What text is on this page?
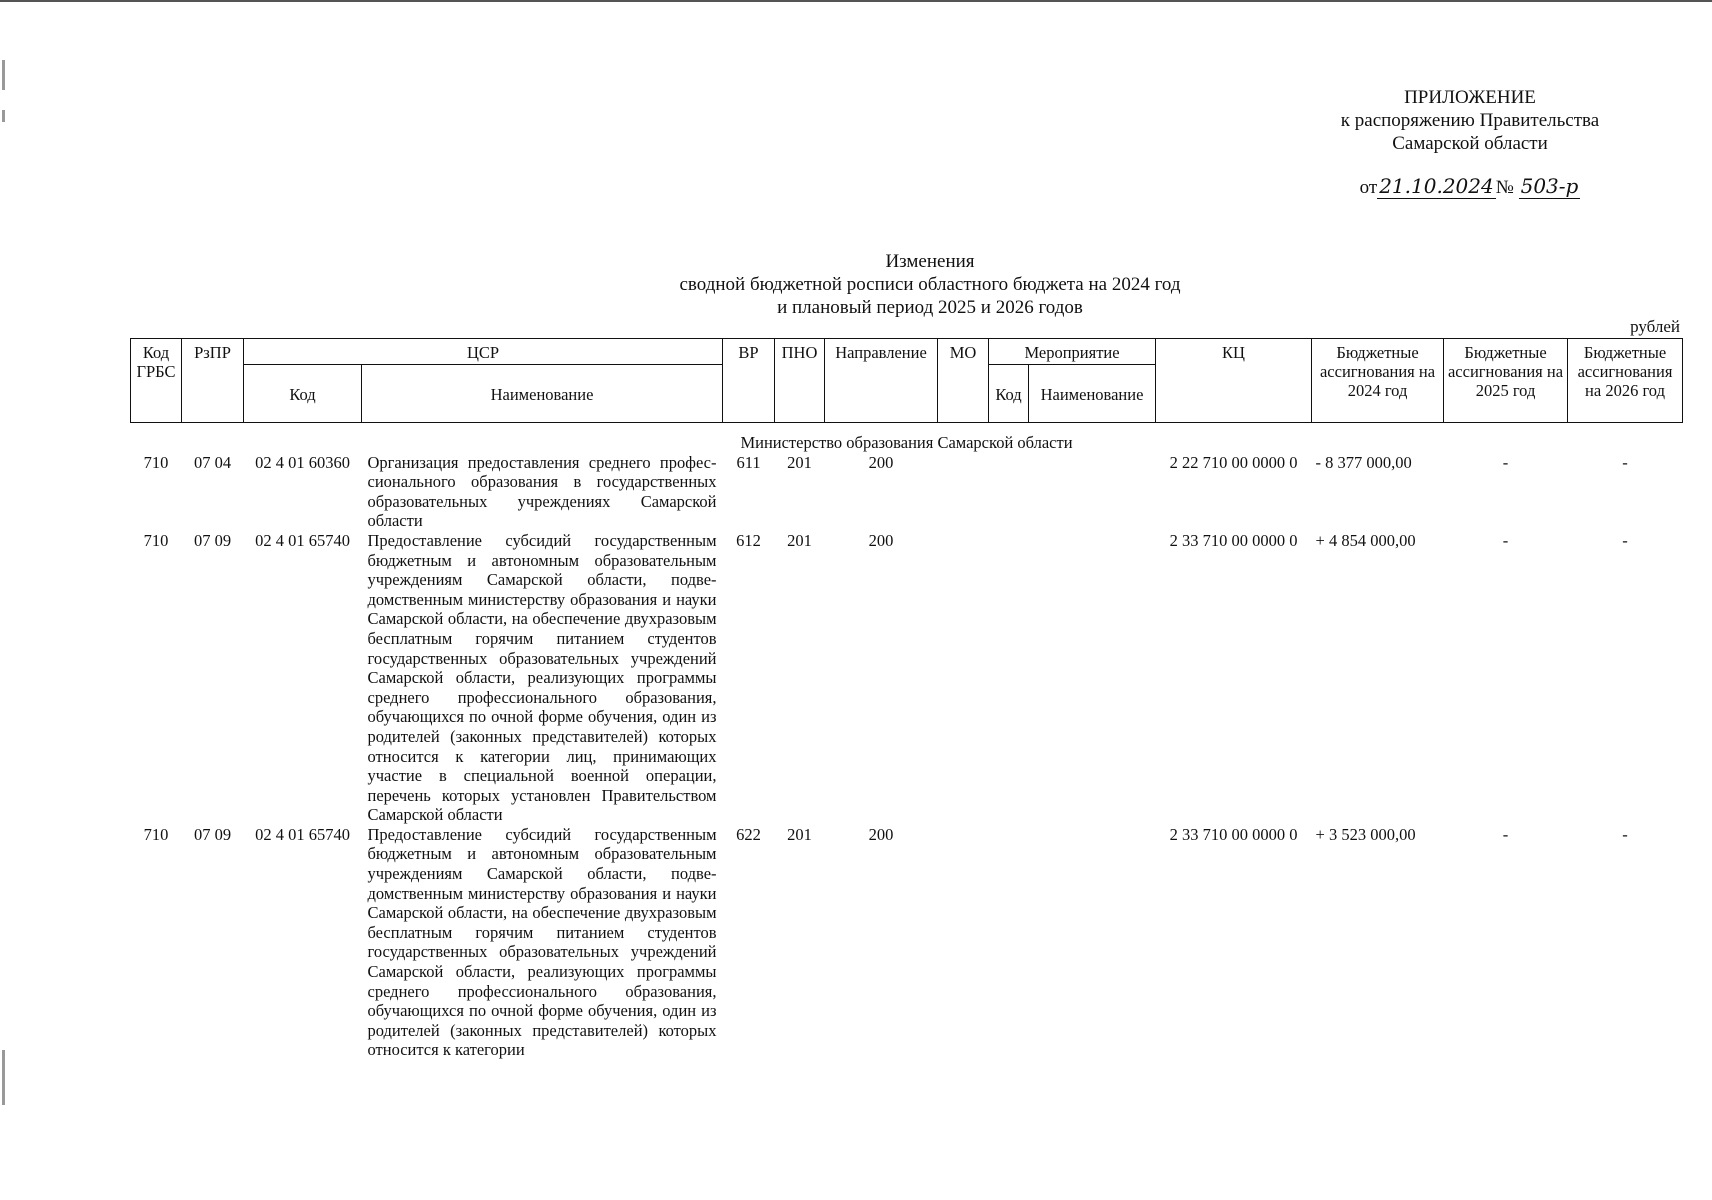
ПРИЛОЖЕНИЕ
к распоряжению Правительства
Самарской области
от 21.10.2024 № 503-р
Изменения
сводной бюджетной росписи областного бюджета на 2024 год
и плановый период 2025 и 2026 годов
рублей
Код ГРБС	РзПР	ЦСР		ВР	ПНО	Направление	МО	Мероприятие		КЦ	Бюджетные ассигнования на 2024 год	Бюджетные ассигнования на 2025 год	Бюджетные ассигнования на 2026 год
		Код	Наименование					Код	Наименование				

Министерство образования Самарской области													
710	07 04	02 4 01 60360	Организация предоставления среднего профессионального образования в государственных образовательных учреждениях Самарской области	611	201	200				2 22 710 00 0000 0	- 8 377 000,00	-	-
710	07 09	02 4 01 65740	Предоставление субсидий государственным бюджетным и автономным образовательным учреждениям Самарской области, подведомственным министерству образования и науки Самарской области, на обеспечение двухразовым бесплатным горячим питанием студентов государственных образовательных учреждений Самарской области, реализующих программы среднего профессионального образования, обучающихся по очной форме обучения, один из родителей (законных представителей) которых относится к категории лиц, принимающих участие в специальной военной операции, перечень которых установлен Правительством Самарской области	612	201	200				2 33 710 00 0000 0	+ 4 854 000,00	-	-
710	07 09	02 4 01 65740	Предоставление субсидий государственным бюджетным и автономным образовательным учреждениям Самарской области, подведомственным министерству образования и науки Самарской области, на обеспечение двухразовым бесплатным горячим питанием студентов государственных образовательных учреждений Самарской области, реализующих программы среднего профессионального образования, обучающихся по очной форме обучения, один из родителей (законных представителей) которых относится к категории	622	201	200				2 33 710 00 0000 0	+ 3 523 000,00	-	-
